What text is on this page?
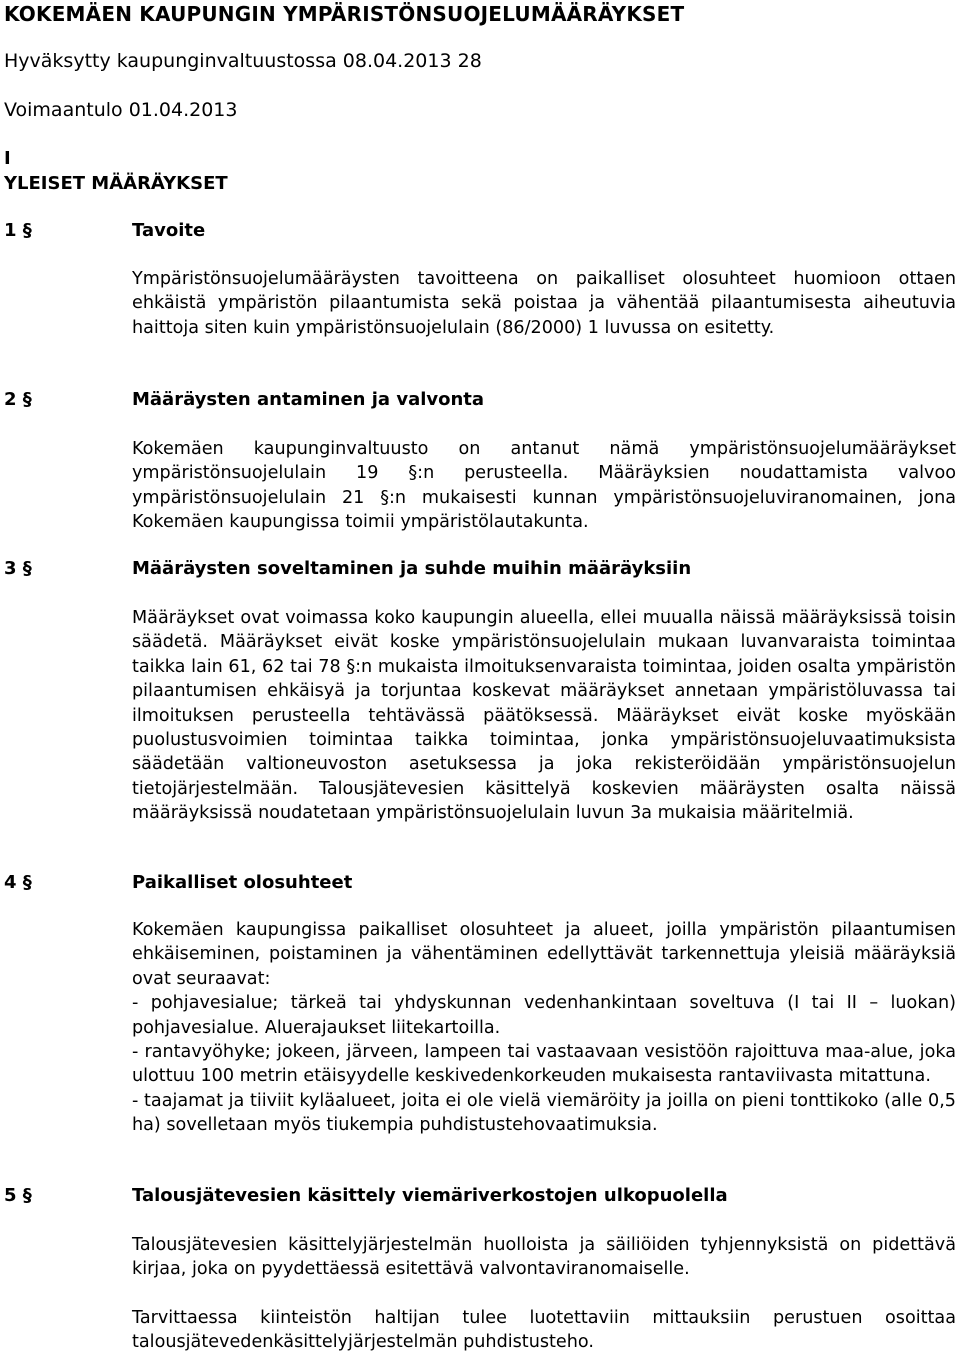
KOKEMÄEN KAUPUNGIN YMPÄRISTÖNSUOJELUMÄÄRÄYKSET
Hyväksytty kaupunginvaltuustossa 08.04.2013 28
Voimaantulo 01.04.2013
I
YLEISET MÄÄRÄYKSET
1 §	Tavoite

Ympäristönsuojelumääräysten tavoitteena on paikalliset olosuhteet huomioon ottaen ehkäistä ympäristön pilaantumista sekä poistaa ja vähentää pilaantumisesta aiheutuvia haittoja siten kuin ympäristönsuojelulain (86/2000) 1 luvussa on esitetty.

2 §	Määräysten antaminen ja valvonta

Kokemäen kaupunginvaltuusto on antanut nämä ympäristönsuojelumääräykset ympäristönsuojelulain 19 §:n perusteella. Määräyksien noudattamista valvoo ympäristönsuojelulain 21 §:n mukaisesti kunnan ympäristönsuojeluviranomainen, jona Kokemäen kaupungissa toimii ympäristölautakunta.

3 §	Määräysten soveltaminen ja suhde muihin määräyksiin

Määräykset ovat voimassa koko kaupungin alueella, ellei muualla näissä määräyksissä toisin säädetä. Määräykset eivät koske ympäristönsuojelulain mukaan luvanvaraista toimintaa taikka lain 61, 62 tai 78 §:n mukaista ilmoituksenvaraista toimintaa, joiden osalta ympäristön pilaantumisen ehkäisyä ja torjuntaa koskevat määräykset annetaan ympäristöluvassa tai ilmoituksen perusteella tehtävässä päätöksessä. Määräykset eivät koske myöskään puolustusvoimien toimintaa taikka toimintaa, jonka ympäristönsuojeluvaatimuksista säädetään valtioneuvoston asetuksessa ja joka rekisteröidään ympäristönsuojelun tietojärjestelmään. Talousjätevesien käsittelyä koskevien määräysten osalta näissä määräyksissä noudatetaan ympäristönsuojelulain luvun 3a mukaisia määritelmiä.

4 §	Paikalliset olosuhteet

Kokemäen kaupungissa paikalliset olosuhteet ja alueet, joilla ympäristön pilaantumisen ehkäiseminen, poistaminen ja vähentäminen edellyttävät tarkennettuja yleisiä määräyksiä ovat seuraavat:

- pohjavesialue; tärkeä tai yhdyskunnan vedenhankintaan soveltuva (I tai II – luokan) pohjavesialue. Aluerajaukset liitekartoilla.

- rantavyöhyke; jokeen, järveen, lampeen tai vastaavaan vesistöön rajoittuva maa-alue, joka ulottuu 100 metrin etäisyydelle keskivedenkorkeuden mukaisesta rantaviivasta mitattuna.

- taajamat ja tiiviit kyläalueet, joita ei ole vielä viemäröity ja joilla on pieni tonttikoko (alle 0,5 ha) sovelletaan myös tiukempia puhdistustehovaatimuksia.

5 §	Talousjätevesien käsittely viemäriverkostojen ulkopuolella

Talousjätevesien käsittelyjärjestelmän huolloista ja säiliöiden tyhjennyksistä on pidettävä kirjaa, joka on pyydettäessä esitettävä valvontaviranomaiselle.

Tarvittaessa kiinteistön haltijan tulee luotettaviin mittauksiin perustuen osoittaa talousjätevedenkäsittelyjärjestelmän puhdistusteho.
